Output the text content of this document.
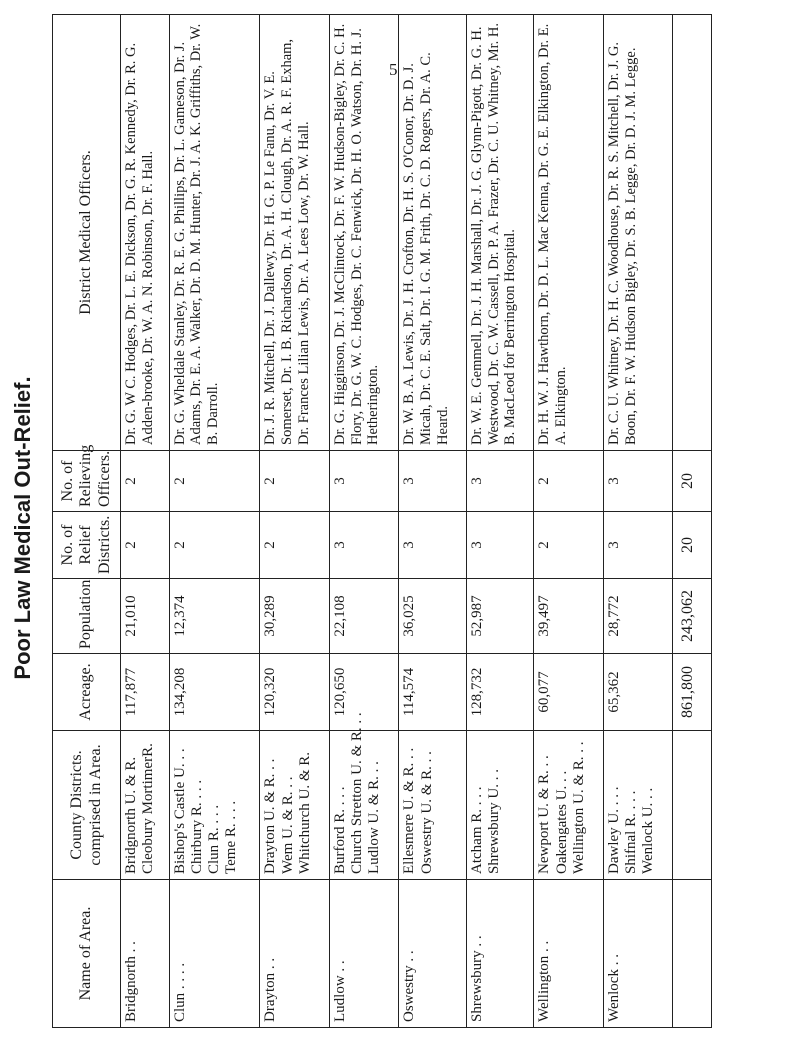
Poor Law Medical Out-Relief.
5
Name of Area.	County Districts. comprised in Area.	Acreage.	Population	No. of Relief Districts.	No. of Relieving Officers.	District Medical Officers.
Bridgnorth . .	Bridgnorth U. & R. Cleobury MortimerR.	117,877	21,010	2	2	Dr. G. W C. Hodges, Dr. L. E. Dickson, Dr. G. R. Kennedy, Dr. R. G. Adden-brooke, Dr. W. A. N. Robinson, Dr. F. Hall.
Clun . . . .	Bishop's Castle U. . . Chirbury R. . . . Clun R. . . . Teme R. . . .	134,208	12,374	2	2	Dr. G. Wheldale Stanley, Dr. R. E. G. Phillips, Dr. L. Gameson, Dr. J. Adams, Dr. E. A. Walker, Dr. D. M. Hunter, Dr. J. A. K. Griffiths, Dr. W. B. Darroll.
Drayton . .	Drayton U. & R. . . Wem U. & R. . . Whitchurch U. & R.	120,320	30,289	2	2	Dr. J. R. Mitchell, Dr. J. Dallewy, Dr. H. G. P. Le Fanu, Dr. V. E. Somerset, Dr. I. B. Richardson, Dr. A. H. Clough, Dr. A. R. F. Exham, Dr. Frances Lilian Lewis, Dr. A. Lees Low, Dr. W. Hall.
Ludlow . .	Burford R. . . . Church Stretton U. & R. . . Ludlow U. & R. . .	120,650	22,108	3	3	Dr. G. Higginson, Dr. J. McClintock, Dr. F. W. Hudson-Bigley, Dr. C. H. Flory, Dr. G. W. C. Hodges, Dr. C. Fenwick, Dr. H. O. Watson, Dr. H. J. Hetherington.
Oswestry . .	Ellesmere U. & R. . . Oswestry U. & R. . .	114,574	36,025	3	3	Dr. W. B. A. Lewis, Dr. J. H. Crofton, Dr. H. S. O'Conor, Dr. D. J. Micah, Dr. C. E. Salt, Dr. I. G. M. Frith, Dr. C. D. Rogers, Dr. A. C. Heard.
Shrewsbury . .	Atcham R. . . . Shrewsbury U. . .	128,732	52,987	3	3	Dr. W. E. Gemmell, Dr. J. H. Marshall, Dr. J. G. Glynn-Pigott, Dr. G. H. Westwood, Dr. C. W. Cassell, Dr. P. A. Frazer, Dr. C. U. Whitney, Mr. H. B. MacLeod for Berrington Hospital.
Wellington . .	Newport U. & R. . . Oakengates U. . . Wellington U. & R. . .	60,077	39,497	2	2	Dr. H. W. J. Hawthorn, Dr. D. L. Mac Kenna, Dr. G. E. Elkington, Dr. E. A. Elkington.
Wenlock . .	Dawley U. . . . Shifnal R. . . . Wenlock U. . .	65,362	28,772	3	3	Dr. C. U. Whitney, Dr. H. C. Woodhouse, Dr. R. S. Mitchell, Dr. J. G. Boon, Dr. F. W. Hudson Bigley, Dr. S. B. Legge, Dr. D. J. M. Legge.
		861,800	243,062	20	20	
